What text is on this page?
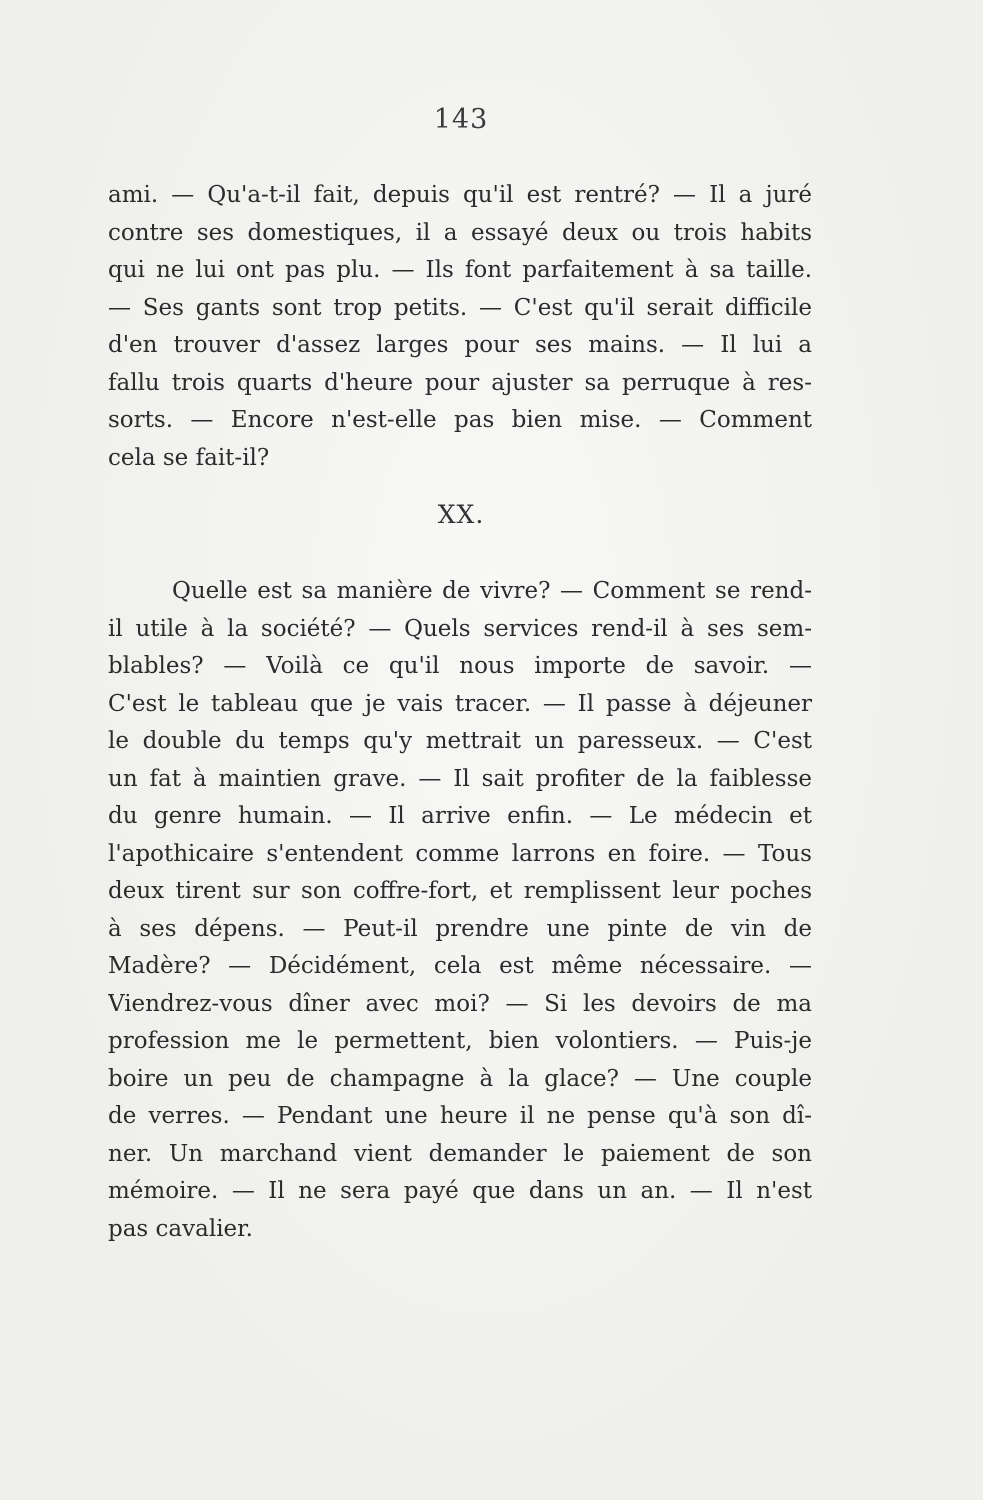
143
ami. — Qu'a-t-il fait, depuis qu'il est rentré? — Il a juré
contre ses domestiques, il a essayé deux ou trois habits
qui ne lui ont pas plu. — Ils font parfaitement à sa taille.
— Ses gants sont trop petits. — C'est qu'il serait difficile
d'en trouver d'assez larges pour ses mains. — Il lui a
fallu trois quarts d'heure pour ajuster sa perruque à res-
sorts. — Encore n'est-elle pas bien mise. — Comment
cela se fait-il?
XX.
Quelle est sa manière de vivre? — Comment se rend-
il utile à la société? — Quels services rend-il à ses sem-
blables? — Voilà ce qu'il nous importe de savoir. —
C'est le tableau que je vais tracer. — Il passe à déjeuner
le double du temps qu'y mettrait un paresseux. — C'est
un fat à maintien grave. — Il sait profiter de la faiblesse
du genre humain. — Il arrive enfin. — Le médecin et
l'apothicaire s'entendent comme larrons en foire. — Tous
deux tirent sur son coffre-fort, et remplissent leur poches
à ses dépens. — Peut-il prendre une pinte de vin de
Madère? — Décidément, cela est même nécessaire. —
Viendrez-vous dîner avec moi? — Si les devoirs de ma
profession me le permettent, bien volontiers. — Puis-je
boire un peu de champagne à la glace? — Une couple
de verres. — Pendant une heure il ne pense qu'à son dî-
ner. Un marchand vient demander le paiement de son
mémoire. — Il ne sera payé que dans un an. — Il n'est
pas cavalier.
